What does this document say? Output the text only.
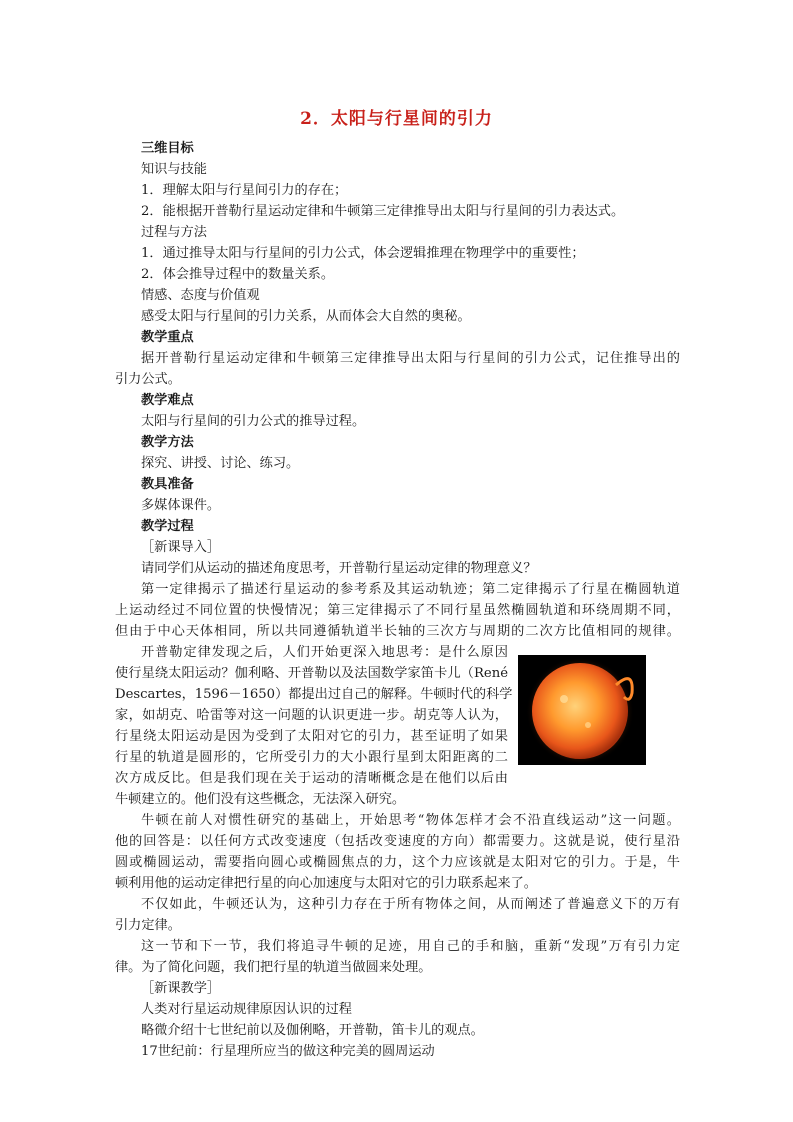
2．太阳与行星间的引力
三维目标
知识与技能
1．理解太阳与行星间引力的存在；
2．能根据开普勒行星运动定律和牛顿第三定律推导出太阳与行星间的引力表达式。
过程与方法
1．通过推导太阳与行星间的引力公式，体会逻辑推理在物理学中的重要性；
2．体会推导过程中的数量关系。
情感、态度与价值观
感受太阳与行星间的引力关系，从而体会大自然的奥秘。
教学重点
据开普勒行星运动定律和牛顿第三定律推导出太阳与行星间的引力公式，记住推导出的
引力公式。
教学难点
太阳与行星间的引力公式的推导过程。
教学方法
探究、讲授、讨论、练习。
教具准备
多媒体课件。
教学过程
［新课导入］
请同学们从运动的描述角度思考，开普勒行星运动定律的物理意义？
第一定律揭示了描述行星运动的参考系及其运动轨迹；第二定律揭示了行星在椭圆轨道
上运动经过不同位置的快慢情况；第三定律揭示了不同行星虽然椭圆轨道和环绕周期不同，
但由于中心天体相同，所以共同遵循轨道半长轴的三次方与周期的二次方比值相同的规律。
开普勒定律发现之后，人们开始更深入地思考：是什么原因
使行星绕太阳运动？伽利略、开普勒以及法国数学家笛卡儿（René
Descartes，1596－1650）都提出过自己的解释。牛顿时代的科学
家，如胡克、哈雷等对这一问题的认识更进一步。胡克等人认为，
行星绕太阳运动是因为受到了太阳对它的引力，甚至证明了如果
行星的轨道是圆形的，它所受引力的大小跟行星到太阳距离的二
次方成反比。但是我们现在关于运动的清晰概念是在他们以后由
牛顿建立的。他们没有这些概念，无法深入研究。
牛顿在前人对惯性研究的基础上，开始思考“物体怎样才会不沿直线运动”这一问题。
他的回答是：以任何方式改变速度（包括改变速度的方向）都需要力。这就是说，使行星沿
圆或椭圆运动，需要指向圆心或椭圆焦点的力，这个力应该就是太阳对它的引力。于是，牛
顿利用他的运动定律把行星的向心加速度与太阳对它的引力联系起来了。
不仅如此，牛顿还认为，这种引力存在于所有物体之间，从而阐述了普遍意义下的万有
引力定律。
这一节和下一节，我们将追寻牛顿的足迹，用自己的手和脑，重新“发现”万有引力定
律。为了简化问题，我们把行星的轨道当做圆来处理。
［新课教学］
人类对行星运动规律原因认识的过程
略微介绍十七世纪前以及伽俐略，开普勒，笛卡儿的观点。
17世纪前：行星理所应当的做这种完美的圆周运动
